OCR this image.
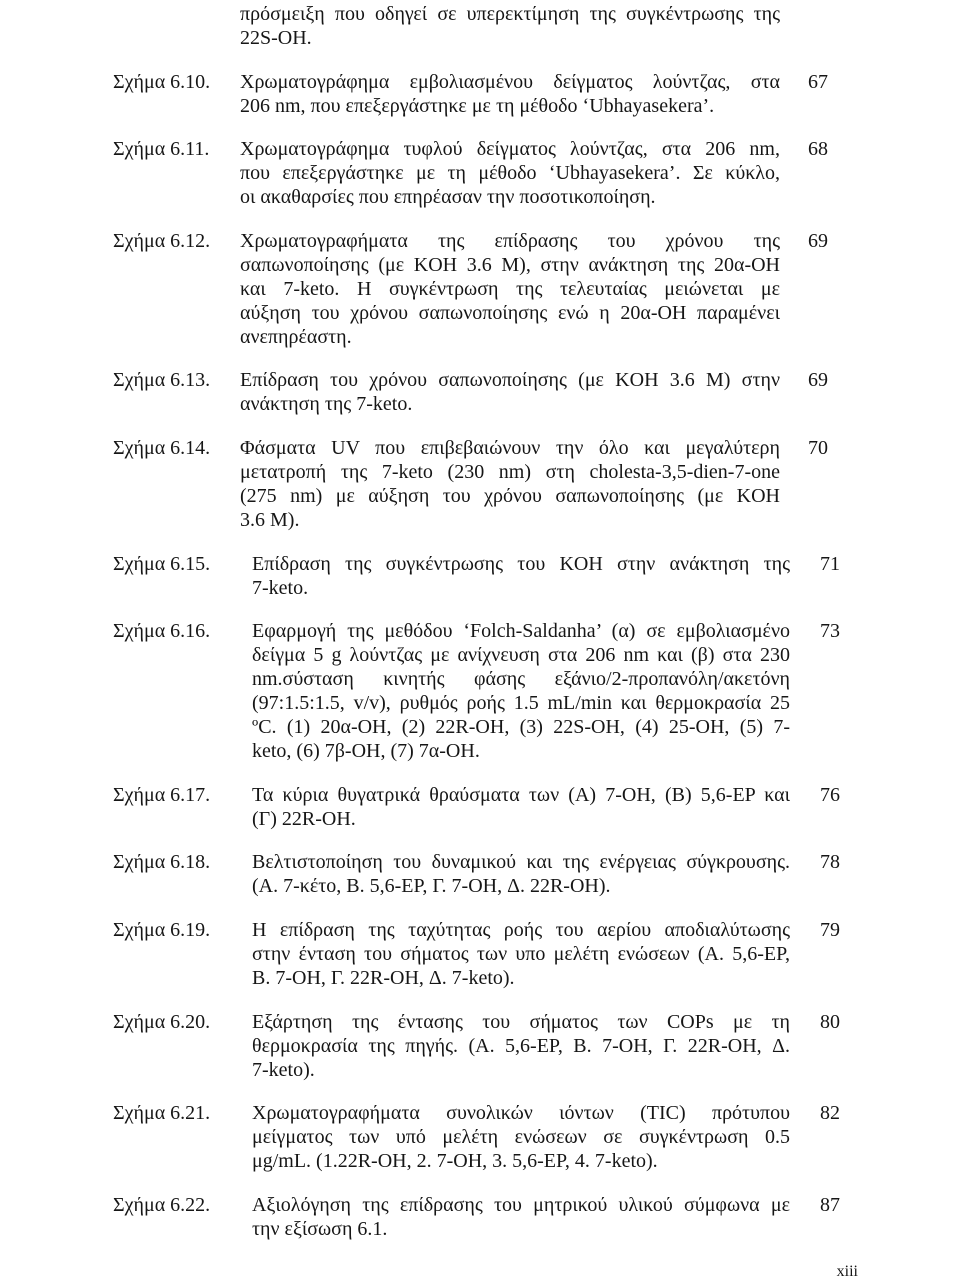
πρόσμειξη που οδηγεί σε υπερεκτίμηση της συγκέντρωσης της
22S-OH.
Σχήμα 6.10. Χρωματογράφημα εμβολιασμένου δείγματος λούντζας, στα
206 nm, που επεξεργάστηκε με τη μέθοδο ‘Ubhayasekera’.
67
Σχήμα 6.11. Χρωματογράφημα τυφλού δείγματος λούντζας, στα 206 nm,
που επεξεργάστηκε με τη μέθοδο ‘Ubhayasekera’. Σε κύκλο,
οι ακαθαρσίες που επηρέασαν την ποσοτικοποίηση.
68
Σχήμα 6.12. Χρωματογραφήματα της επίδρασης του χρόνου της
σαπωνοποίησης (με KOH 3.6 M), στην ανάκτηση της 20α-OH
και 7-keto. Η συγκέντρωση της τελευταίας μειώνεται με
αύξηση του χρόνου σαπωνοποίησης ενώ η 20α-OH παραμένει
ανεπηρέαστη.
69
Σχήμα 6.13. Επίδραση του χρόνου σαπωνοποίησης (με KOH 3.6 M) στην
ανάκτηση της 7-keto.
69
Σχήμα 6.14. Φάσματα UV που επιβεβαιώνουν την όλο και μεγαλύτερη
μετατροπή της 7-keto (230 nm) στη cholesta-3,5-dien-7-one
(275 nm) με αύξηση του χρόνου σαπωνοποίησης (με KOH
3.6 M).
70
Σχήμα 6.15. Επίδραση της συγκέντρωσης του KOH στην ανάκτηση της
7-keto.
71
Σχήμα 6.16. Εφαρμογή της μεθόδου ‘Folch-Saldanha’ (α) σε εμβολιασμένο
δείγμα 5 g λούντζας με ανίχνευση στα 206 nm και (β) στα 230
nm.σύσταση κινητής φάσης εξάνιο/2-προπανόλη/ακετόνη
(97:1.5:1.5, v/v), ρυθμός ροής 1.5 mL/min και θερμοκρασία 25
ºC. (1) 20α-OH, (2) 22R-OH, (3) 22S-OH, (4) 25-OH, (5) 7-
keto, (6) 7β-OH, (7) 7α-OH.
73
Σχήμα 6.17. Τα κύρια θυγατρικά θραύσματα των (A) 7-OH, (B) 5,6-EP και
(Γ) 22R-OH.
76
Σχήμα 6.18. Βελτιστοποίηση του δυναμικού και της ενέργειας σύγκρουσης.
(Α. 7-κέτο, Β. 5,6-EP, Γ. 7-OH, Δ. 22R-OH).
78
Σχήμα 6.19. Η επίδραση της ταχύτητας ροής του αερίου αποδιαλύτωσης
στην ένταση του σήματος των υπο μελέτη ενώσεων (Α. 5,6-EP,
Β. 7-OH, Γ. 22R-OH, Δ. 7-keto).
79
Σχήμα 6.20. Εξάρτηση της έντασης του σήματος των COPs με τη
θερμοκρασία της πηγής. (Α. 5,6-EP, Β. 7-OH, Γ. 22R-OH, Δ.
7-keto).
80
Σχήμα 6.21. Χρωματογραφήματα συνολικών ιόντων (TIC) πρότυπου
μείγματος των υπό μελέτη ενώσεων σε συγκέντρωση 0.5
μg/mL. (1.22R-OH, 2. 7-OH, 3. 5,6-EP, 4. 7-keto).
82
Σχήμα 6.22. Αξιολόγηση της επίδρασης του μητρικού υλικού σύμφωνα με
την εξίσωση 6.1.
87
xiii
